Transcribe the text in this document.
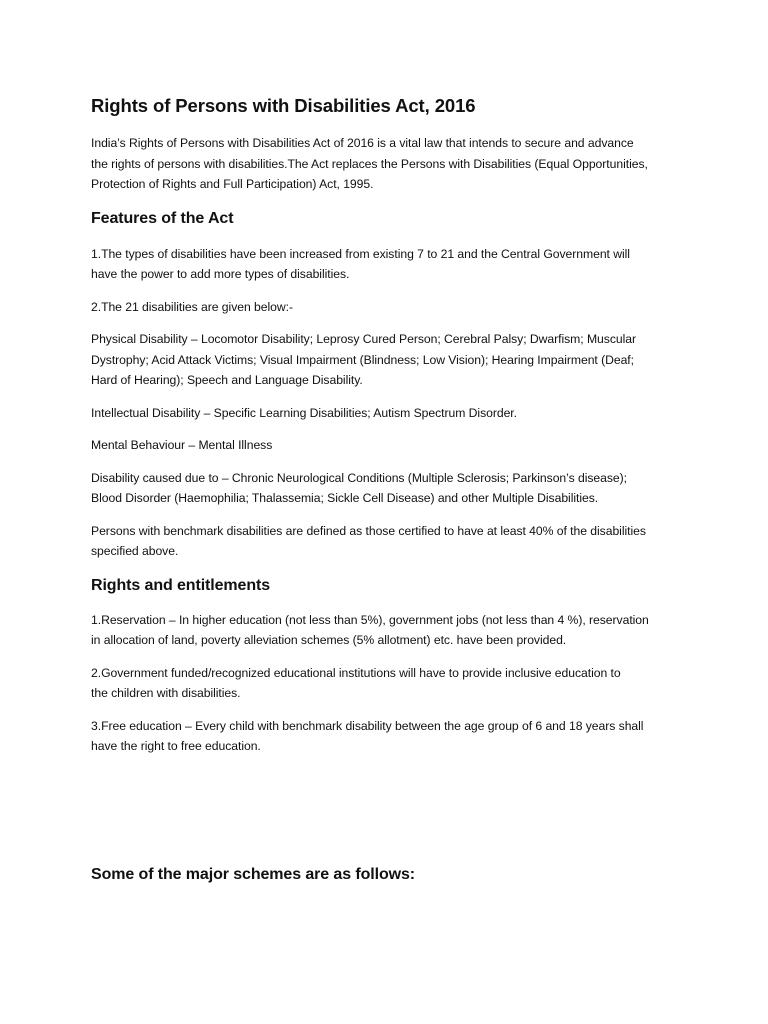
Rights of Persons with Disabilities Act, 2016

India’s Rights of Persons with Disabilities Act of 2016 is a vital law that intends to secure and advance
the rights of persons with disabilities.The Act replaces the Persons with Disabilities (Equal Opportunities,
Protection of Rights and Full Participation) Act, 1995.

Features of the Act

1.The types of disabilities have been increased from existing 7 to 21 and the Central Government will
have the power to add more types of disabilities.

2.The 21 disabilities are given below:-

Physical Disability – Locomotor Disability; Leprosy Cured Person; Cerebral Palsy; Dwarfism; Muscular
Dystrophy; Acid Attack Victims; Visual Impairment (Blindness; Low Vision); Hearing Impairment (Deaf;
Hard of Hearing); Speech and Language Disability.

Intellectual Disability – Specific Learning Disabilities; Autism Spectrum Disorder.

Mental Behaviour – Mental Illness

Disability caused due to – Chronic Neurological Conditions (Multiple Sclerosis; Parkinson’s disease);
Blood Disorder (Haemophilia; Thalassemia; Sickle Cell Disease) and other Multiple Disabilities.

Persons with benchmark disabilities are defined as those certified to have at least 40% of the disabilities
specified above.

Rights and entitlements

1.Reservation – In higher education (not less than 5%), government jobs (not less than 4 %), reservation
in allocation of land, poverty alleviation schemes (5% allotment) etc. have been provided.

2.Government funded/recognized educational institutions will have to provide inclusive education to
the children with disabilities.

3.Free education – Every child with benchmark disability between the age group of 6 and 18 years shall
have the right to free education.

Some of the major schemes are as follows:
